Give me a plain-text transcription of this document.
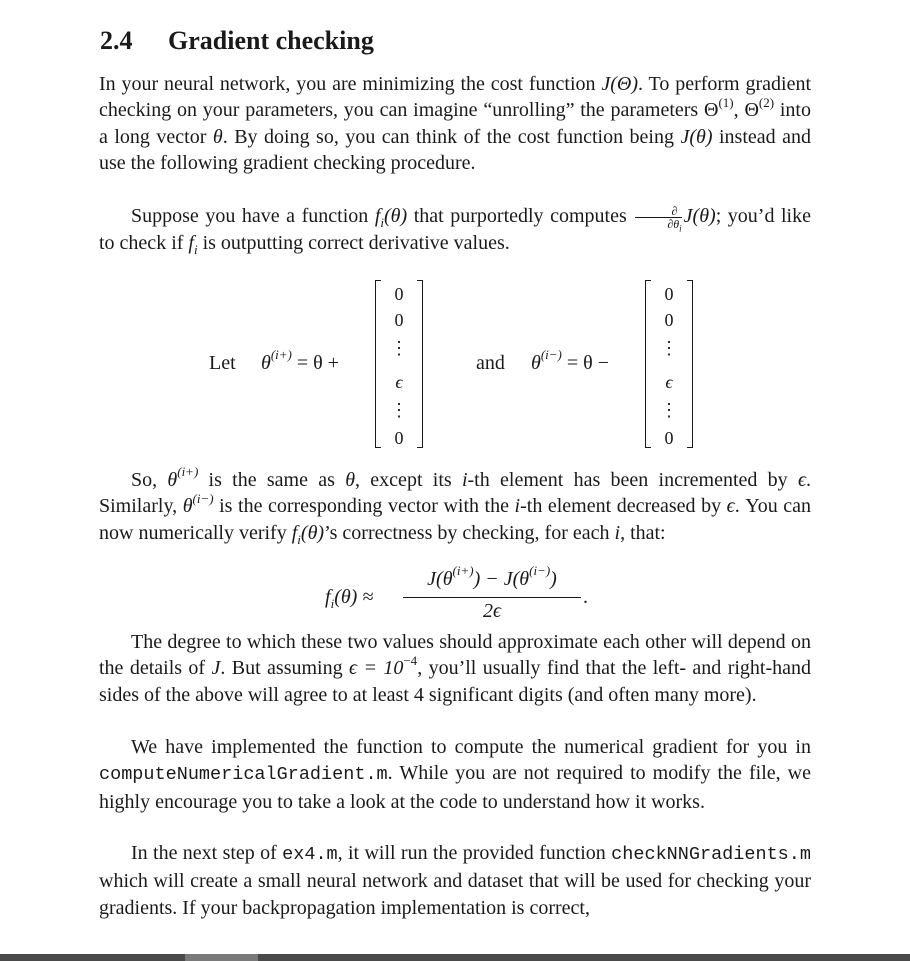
2.4 Gradient checking
In your neural network, you are minimizing the cost function J(Θ). To perform gradient checking on your parameters, you can imagine “unrolling” the parameters $\Theta^{(1)}$, $\Theta^{(2)}$ into a long vector θ. By doing so, you can think of the cost function being J(θ) instead and use the following gradient checking procedure.
Suppose you have a function $f_i(\theta)$ that purportedly computes $\frac{\partial}{\partial\theta_i} J(\theta)$; you’d like to check if $f_i$ is outputting correct derivative values.
Let $\theta^{(i+)} = \theta$ +
0
0
⋮
ϵ
⋮
0
and $\theta^{(i-)} = \theta$ −
0
0
⋮
ϵ
⋮
0
So, $\theta^{(i+)}$ is the same as θ, except its i-th element has been incremented by ϵ. Similarly, $\theta^{(i-)}$ is the corresponding vector with the i-th element decreased by ϵ. You can now numerically verify $f_i(\theta)’s$ correctness by checking, for each i, that:
$f_i(\theta)$ ≈
$J(\theta^{(i+)}) - J(\theta^{(i-)})$
2ϵ
.
The degree to which these two values should approximate each other will depend on the details of J. But assuming $\epsilon = 10^{-4}$, you’ll usually find that the left- and right-hand sides of the above will agree to at least 4 significant digits (and often many more).
We have implemented the function to compute the numerical gradient for you in computeNumericalGradient.m. While you are not required to modify the file, we highly encourage you to take a look at the code to understand how it works.
In the next step of ex4.m, it will run the provided function checkNNGradients.m which will create a small neural network and dataset that will be used for checking your gradients. If your backpropagation implementation is correct,
